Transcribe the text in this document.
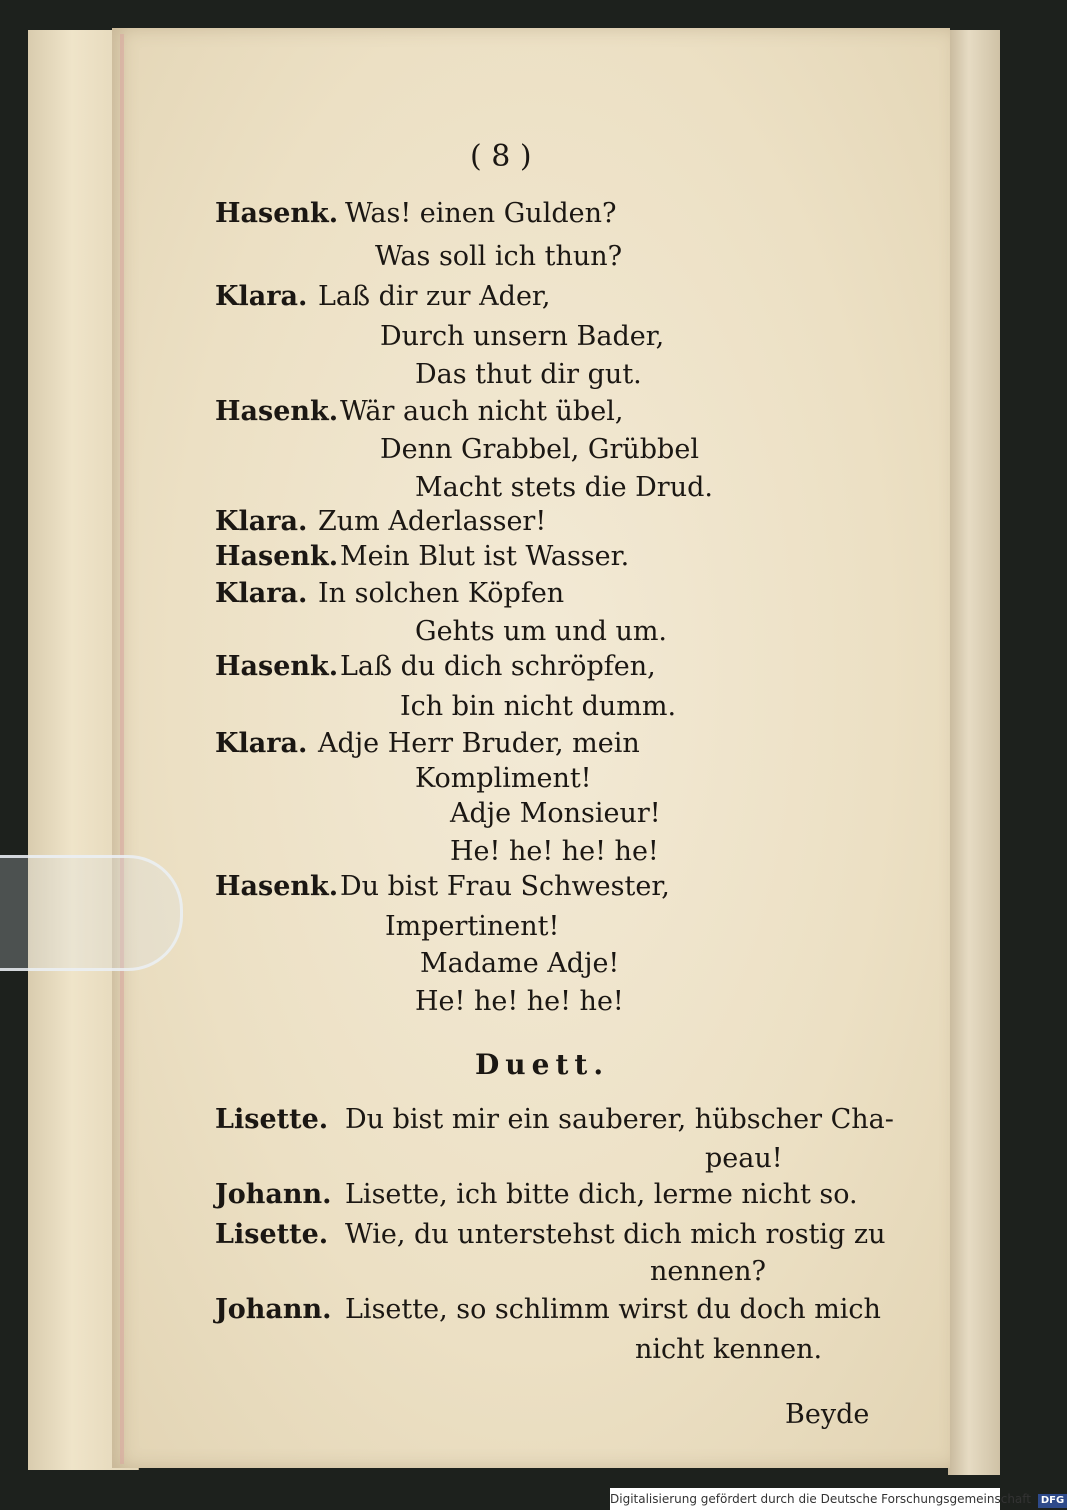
( 8 )
Hasenk. Was! einen Gulden?
Was soll ich thun?
Klara. Laß dir zur Ader,
Durch unsern Bader,
Das thut dir gut.
Hasenk. Wär auch nicht übel,
Denn Grabbel, Grübbel
Macht stets die Drud.
Klara. Zum Aderlasser!
Hasenk. Mein Blut ist Wasser.
Klara. In solchen Köpfen
Gehts um und um.
Hasenk. Laß du dich schröpfen,
Ich bin nicht dumm.
Klara. Adje Herr Bruder, mein
Kompliment!
Adje Monsieur!
He! he! he! he!
Hasenk. Du bist Frau Schwester,
Impertinent!
Madame Adje!
He! he! he! he!
Duett.
Lisette. Du bist mir ein sauberer, hübscher Cha-
peau!
Johann. Lisette, ich bitte dich, lerme nicht so.
Lisette. Wie, du unterstehst dich mich rostig zu
nennen?
Johann. Lisette, so schlimm wirst du doch mich
nicht kennen.
Beyde
Digitalisierung gefördert durch die Deutsche Forschungsgemeinschaft DFG
